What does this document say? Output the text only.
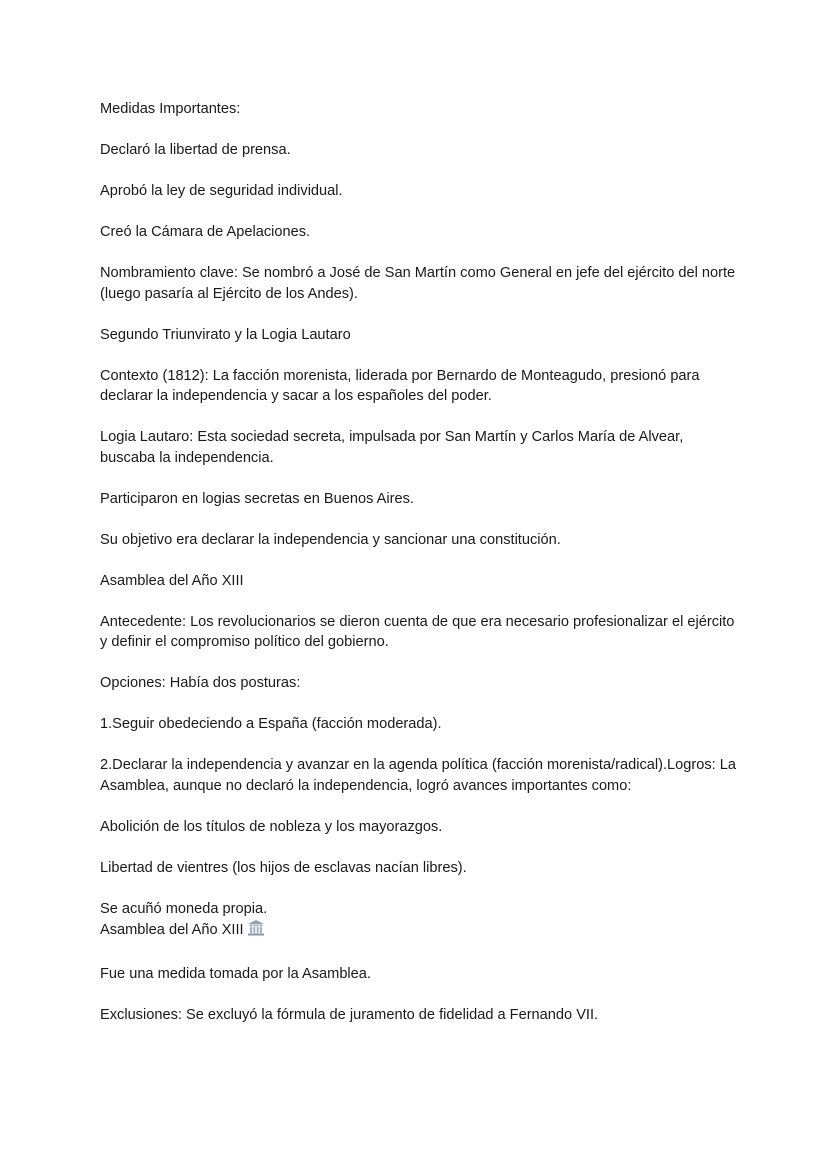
Medidas Importantes:

Declaró la libertad de prensa.

Aprobó la ley de seguridad individual.

Creó la Cámara de Apelaciones.

Nombramiento clave: Se nombró a José de San Martín como General en jefe del ejército del norte (luego pasaría al Ejército de los Andes).

Segundo Triunvirato y la Logia Lautaro

Contexto (1812): La facción morenista, liderada por Bernardo de Monteagudo, presionó para declarar la independencia y sacar a los españoles del poder.

Logia Lautaro: Esta sociedad secreta, impulsada por San Martín y Carlos María de Alvear, buscaba la independencia.

Participaron en logias secretas en Buenos Aires.

Su objetivo era declarar la independencia y sancionar una constitución.

Asamblea del Año XIII

Antecedente: Los revolucionarios se dieron cuenta de que era necesario profesionalizar el ejército y definir el compromiso político del gobierno.

Opciones: Había dos posturas:

1.Seguir obedeciendo a España (facción moderada).

2.Declarar la independencia y avanzar en la agenda política (facción morenista/radical).Logros: La Asamblea, aunque no declaró la independencia, logró avances importantes como:

Abolición de los títulos de nobleza y los mayorazgos.

Libertad de vientres (los hijos de esclavas nacían libres).

Se acuñó moneda propia.

Asamblea del Año XIII

Fue una medida tomada por la Asamblea.

Exclusiones: Se excluyó la fórmula de juramento de fidelidad a Fernando VII.
